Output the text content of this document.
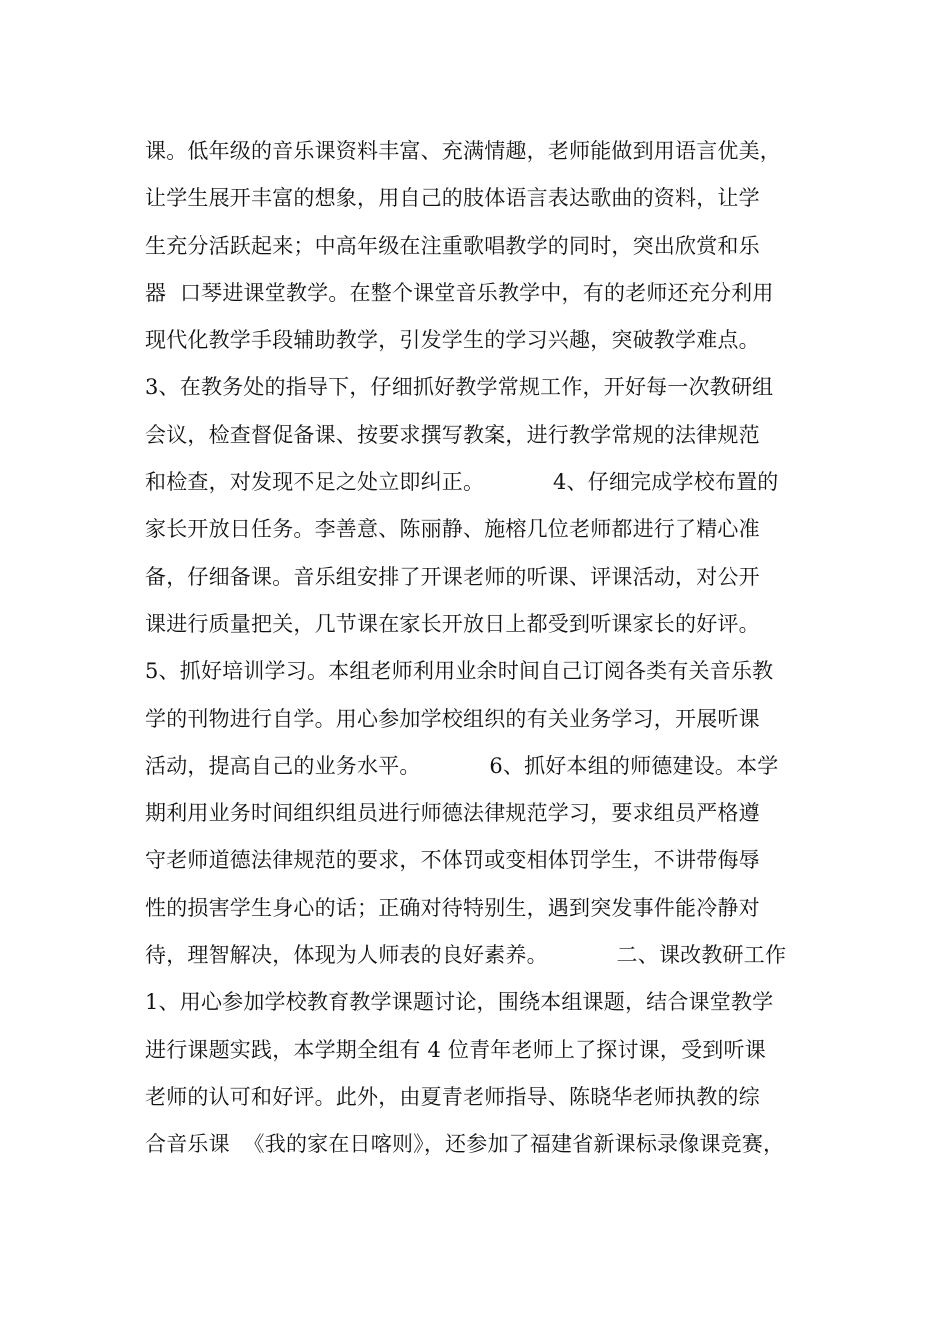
课。低年级的音乐课资料丰富、充满情趣，老师能做到用语言优美，
让学生展开丰富的想象，用自己的肢体语言表达歌曲的资料，让学
生充分活跃起来；中高年级在注重歌唱教学的同时，突出欣赏和乐
器  口琴进课堂教学。在整个课堂音乐教学中，有的老师还充分利用
现代化教学手段辅助教学，引发学生的学习兴趣，突破教学难点。
3、在教务处的指导下，仔细抓好教学常规工作，开好每一次教研组
会议，检查督促备课、按要求撰写教案，进行教学常规的法律规范
和检查，对发现不足之处立即纠正。          4、仔细完成学校布置的
家长开放日任务。李善意、陈丽静、施榕几位老师都进行了精心准
备，仔细备课。音乐组安排了开课老师的听课、评课活动，对公开
课进行质量把关，几节课在家长开放日上都受到听课家长的好评。
5、抓好培训学习。本组老师利用业余时间自己订阅各类有关音乐教
学的刊物进行自学。用心参加学校组织的有关业务学习，开展听课
活动，提高自己的业务水平。          6、抓好本组的师德建设。本学
期利用业务时间组织组员进行师德法律规范学习，要求组员严格遵
守老师道德法律规范的要求，不体罚或变相体罚学生，不讲带侮辱
性的损害学生身心的话；正确对待特别生，遇到突发事件能冷静对
待，理智解决，体现为人师表的良好素养。          二、课改教研工作
1、用心参加学校教育教学课题讨论，围绕本组课题，结合课堂教学
进行课题实践，本学期全组有 4 位青年老师上了探讨课，受到听课
老师的认可和好评。此外，由夏青老师指导、陈晓华老师执教的综
合音乐课  《我的家在日喀则》，还参加了福建省新课标录像课竞赛，
